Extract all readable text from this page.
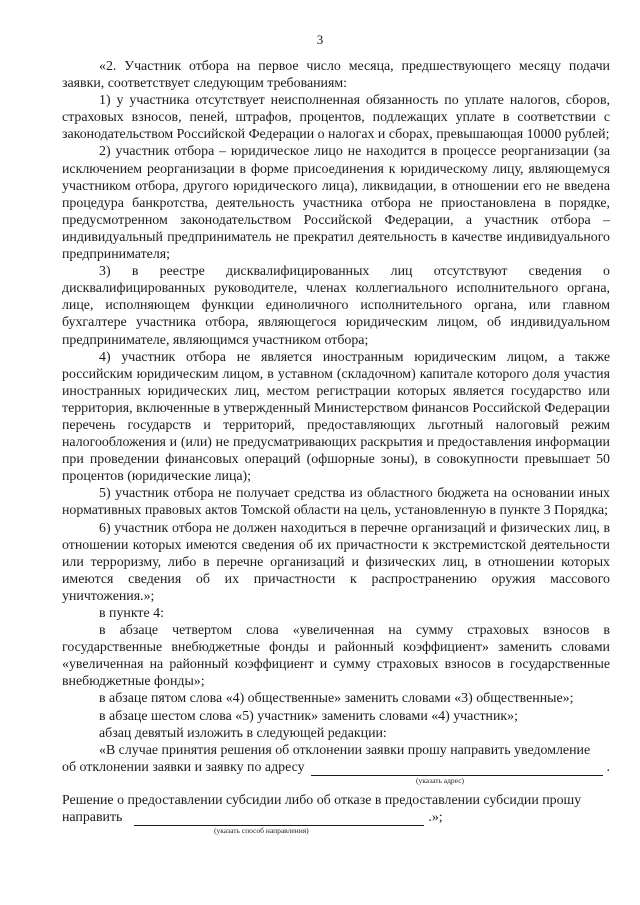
3

«2. Участник отбора на первое число месяца, предшествующего месяцу подачи заявки, соответствует следующим требованиям:

1) у участника отсутствует неисполненная обязанность по уплате налогов, сборов, страховых взносов, пеней, штрафов, процентов, подлежащих уплате в соответствии с законодательством Российской Федерации о налогах и сборах, превышающая 10000 рублей;

2) участник отбора – юридическое лицо не находится в процессе реорганизации (за исключением реорганизации в форме присоединения к юридическому лицу, являющемуся участником отбора, другого юридического лица), ликвидации, в отношении его не введена процедура банкротства, деятельность участника отбора не приостановлена в порядке, предусмотренном законодательством Российской Федерации, а участник отбора – индивидуальный предприниматель не прекратил деятельность в качестве индивидуального предпринимателя;

3) в реестре дисквалифицированных лиц отсутствуют сведения о дисквалифицированных руководителе, членах коллегиального исполнительного органа, лице, исполняющем функции единоличного исполнительного органа, или главном бухгалтере участника отбора, являющегося юридическим лицом, об индивидуальном предпринимателе, являющимся участником отбора;

4) участник отбора не является иностранным юридическим лицом, а также российским юридическим лицом, в уставном (складочном) капитале которого доля участия иностранных юридических лиц, местом регистрации которых является государство или территория, включенные в утвержденный Министерством финансов Российской Федерации перечень государств и территорий, предоставляющих льготный налоговый режим налогообложения и (или) не предусматривающих раскрытия и предоставления информации при проведении финансовых операций (офшорные зоны), в совокупности превышает 50 процентов (юридические лица);

5) участник отбора не получает средства из областного бюджета на основании иных нормативных правовых актов Томской области на цель, установленную в пункте 3 Порядка;

6) участник отбора не должен находиться в перечне организаций и физических лиц, в отношении которых имеются сведения об их причастности к экстремистской деятельности или терроризму, либо в перечне организаций и физических лиц, в отношении которых имеются сведения об их причастности к распространению оружия массового уничтожения.»;

в пункте 4:

в абзаце четвертом слова «увеличенная на сумму страховых взносов в государственные внебюджетные фонды и районный коэффициент» заменить словами «увеличенная на районный коэффициент и сумму страховых взносов в государственные внебюджетные фонды»;

в абзаце пятом слова «4) общественные» заменить словами «3) общественные»;

в абзаце шестом слова «5) участник» заменить словами «4) участник»;

абзац девятый изложить в следующей редакции:

«В случае принятия решения об отклонении заявки прошу направить уведомление
об отклонении заявки и заявку по адресу	.
(указать адрес)
Решение о предоставлении субсидии либо об отказе в предоставлении субсидии прошу
направить	.»;
(указать способ направления)
